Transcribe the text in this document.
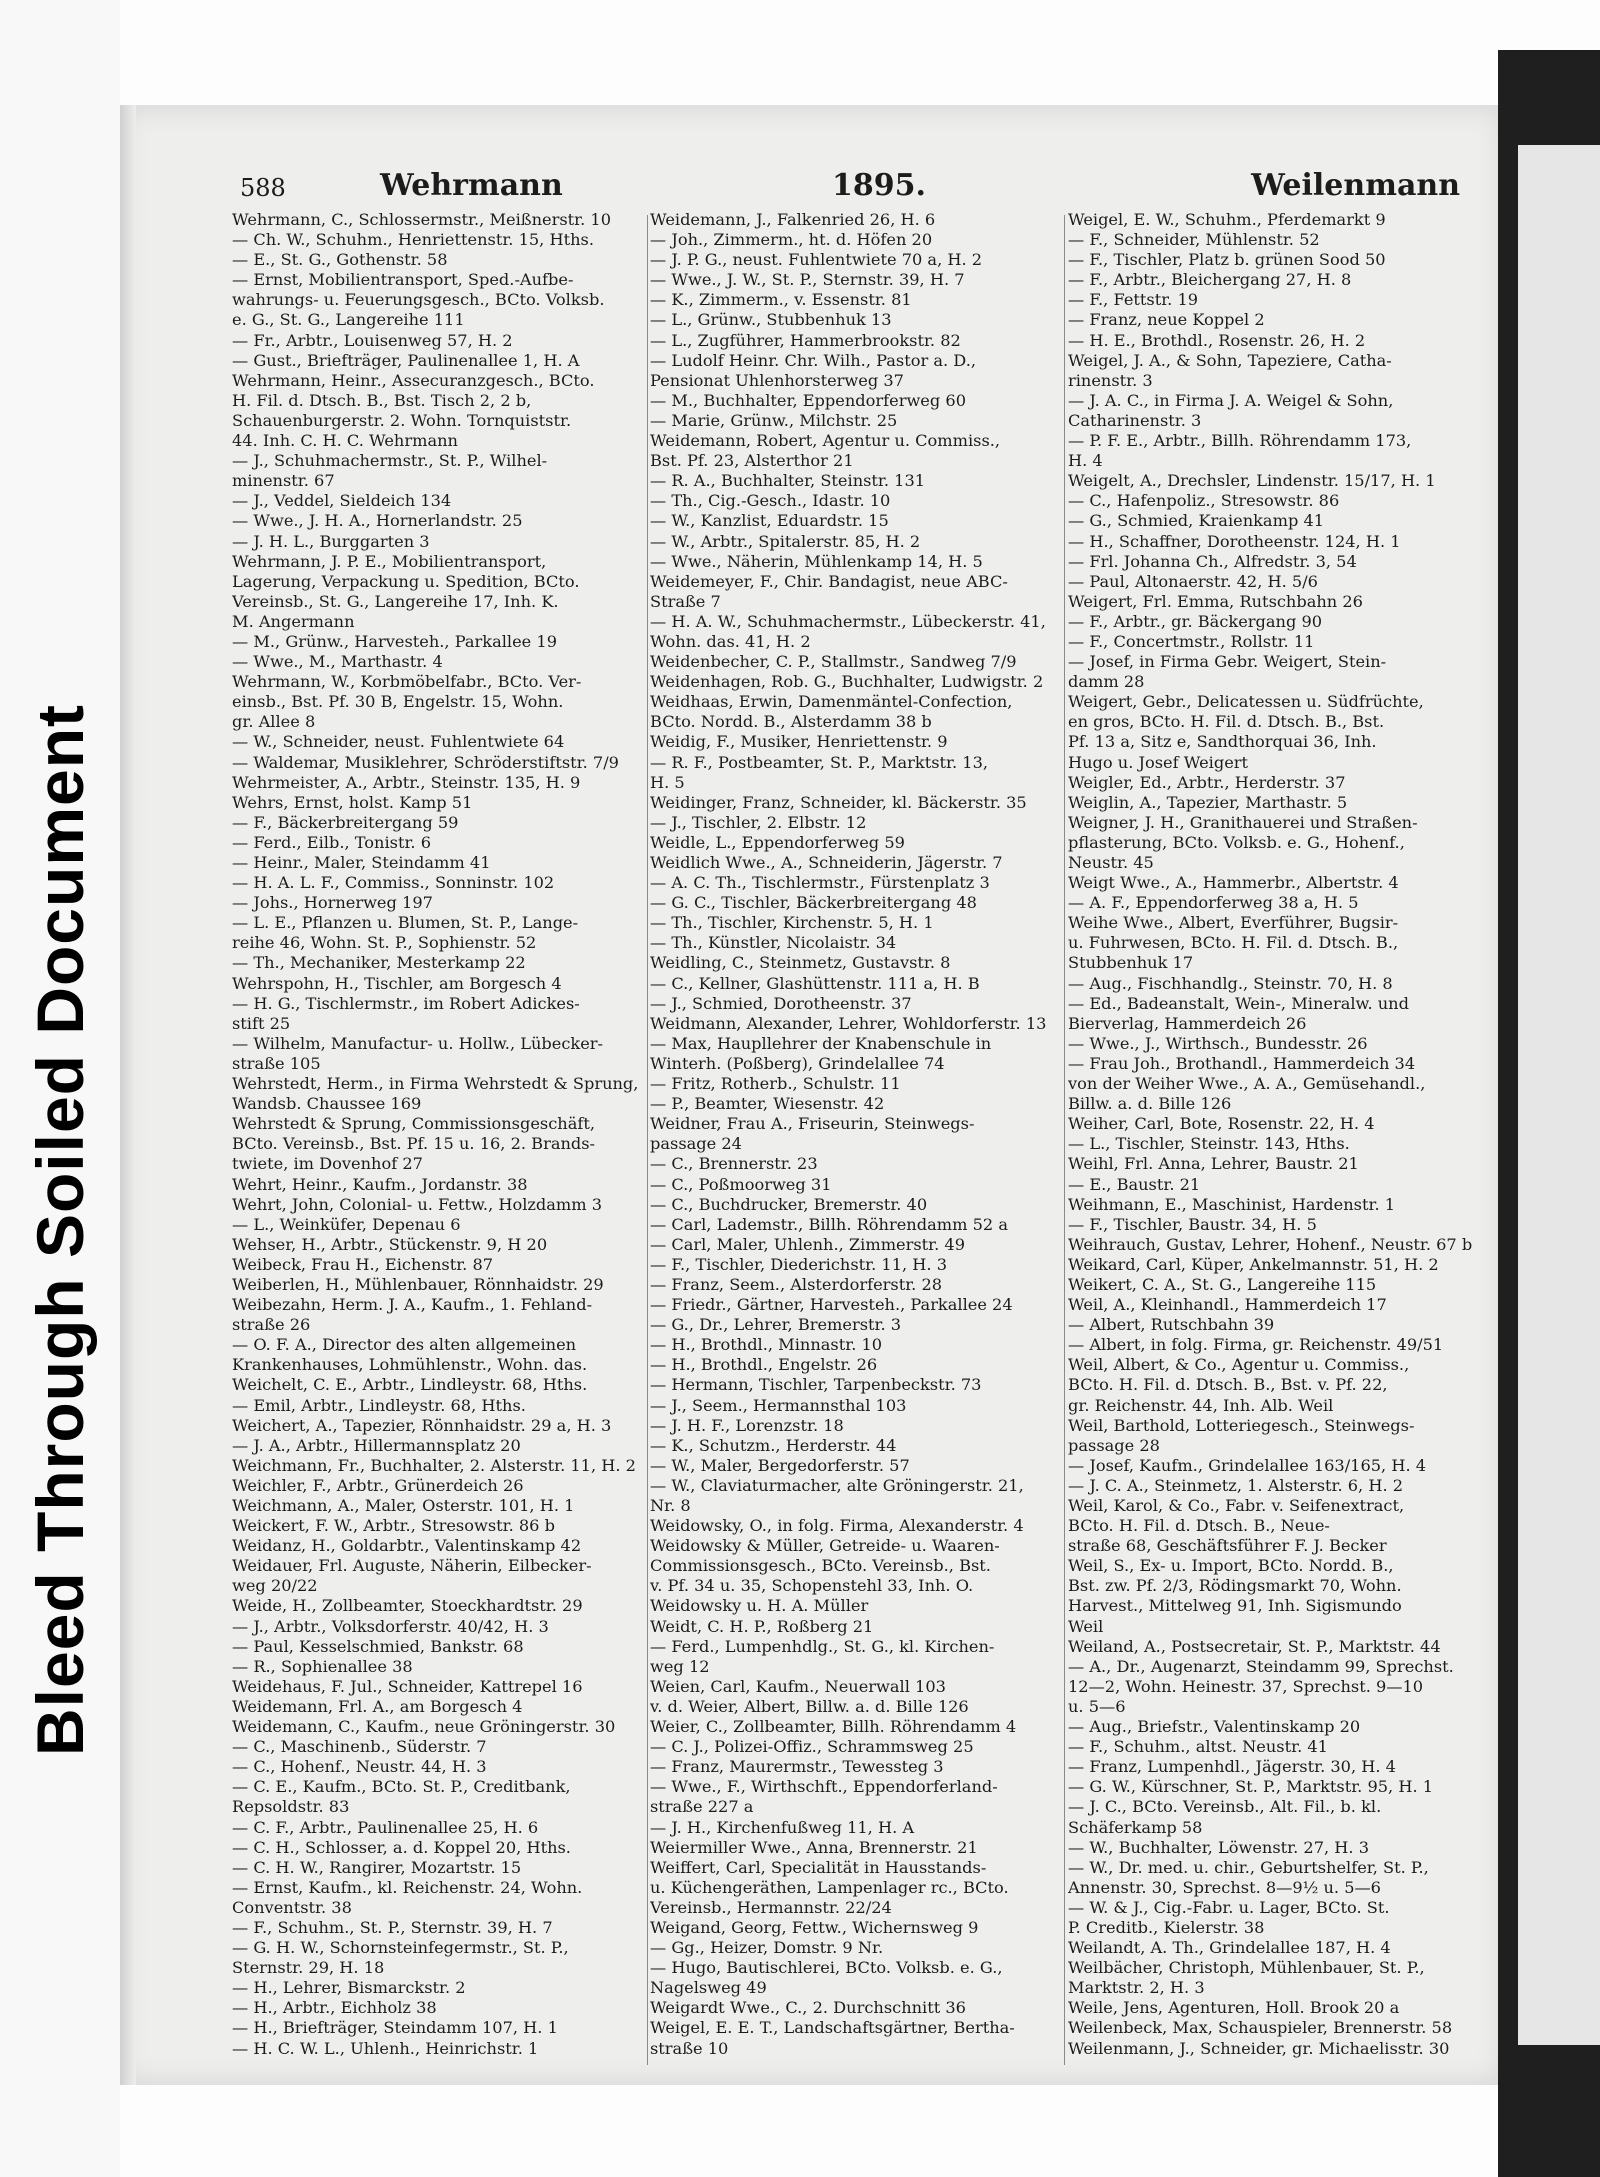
Bleed Through Soiled Document
588	Wehrmann	1895.	Weilenmann
Wehrmann, C., Schlossermstr., Meißnerstr. 10
— Ch. W., Schuhm., Henriettenstr. 15, Hths.
— E., St. G., Gothenstr. 58
— Ernst, Mobilientransport, Sped.-Aufbe-
wahrungs- u. Feuerungsgesch., BCto. Volksb.
e. G., St. G., Langereihe 111
— Fr., Arbtr., Louisenweg 57, H. 2
— Gust., Briefträger, Paulinenallee 1, H. A
Wehrmann, Heinr., Assecuranzgesch., BCto.
H. Fil. d. Dtsch. B., Bst. Tisch 2, 2 b,
Schauenburgerstr. 2. Wohn. Tornquiststr.
44. Inh. C. H. C. Wehrmann
— J., Schuhmachermstr., St. P., Wilhel-
minenstr. 67
— J., Veddel, Sieldeich 134
— Wwe., J. H. A., Hornerlandstr. 25
— J. H. L., Burggarten 3
Wehrmann, J. P. E., Mobilientransport,
Lagerung, Verpackung u. Spedition, BCto.
Vereinsb., St. G., Langereihe 17, Inh. K.
M. Angermann
— M., Grünw., Harvesteh., Parkallee 19
— Wwe., M., Marthastr. 4
Wehrmann, W., Korbmöbelfabr., BCto. Ver-
einsb., Bst. Pf. 30 B, Engelstr. 15, Wohn.
gr. Allee 8
— W., Schneider, neust. Fuhlentwiete 64
— Waldemar, Musiklehrer, Schröderstiftstr. 7/9
Wehrmeister, A., Arbtr., Steinstr. 135, H. 9
Wehrs, Ernst, holst. Kamp 51
— F., Bäckerbreitergang 59
— Ferd., Eilb., Tonistr. 6
— Heinr., Maler, Steindamm 41
— H. A. L. F., Commiss., Sonninstr. 102
— Johs., Hornerweg 197
— L. E., Pflanzen u. Blumen, St. P., Lange-
reihe 46, Wohn. St. P., Sophienstr. 52
— Th., Mechaniker, Mesterkamp 22
Wehrspohn, H., Tischler, am Borgesch 4
— H. G., Tischlermstr., im Robert Adickes-
stift 25
— Wilhelm, Manufactur- u. Hollw., Lübecker-
straße 105
Wehrstedt, Herm., in Firma Wehrstedt & Sprung,
Wandsb. Chaussee 169
Wehrstedt & Sprung, Commissionsgeschäft,
BCto. Vereinsb., Bst. Pf. 15 u. 16, 2. Brands-
twiete, im Dovenhof 27
Wehrt, Heinr., Kaufm., Jordanstr. 38
Wehrt, John, Colonial- u. Fettw., Holzdamm 3
— L., Weinküfer, Depenau 6
Wehser, H., Arbtr., Stückenstr. 9, H 20
Weibeck, Frau H., Eichenstr. 87
Weiberlen, H., Mühlenbauer, Rönnhaidstr. 29
Weibezahn, Herm. J. A., Kaufm., 1. Fehland-
straße 26
— O. F. A., Director des alten allgemeinen
Krankenhauses, Lohmühlenstr., Wohn. das.
Weichelt, C. E., Arbtr., Lindleystr. 68, Hths.
— Emil, Arbtr., Lindleystr. 68, Hths.
Weichert, A., Tapezier, Rönnhaidstr. 29 a, H. 3
— J. A., Arbtr., Hillermannsplatz 20
Weichmann, Fr., Buchhalter, 2. Alsterstr. 11, H. 2
Weichler, F., Arbtr., Grünerdeich 26
Weichmann, A., Maler, Osterstr. 101, H. 1
Weickert, F. W., Arbtr., Stresowstr. 86 b
Weidanz, H., Goldarbtr., Valentinskamp 42
Weidauer, Frl. Auguste, Näherin, Eilbecker-
weg 20/22
Weide, H., Zollbeamter, Stoeckhardtstr. 29
— J., Arbtr., Volksdorferstr. 40/42, H. 3
— Paul, Kesselschmied, Bankstr. 68
— R., Sophienallee 38
Weidehaus, F. Jul., Schneider, Kattrepel 16
Weidemann, Frl. A., am Borgesch 4
Weidemann, C., Kaufm., neue Gröningerstr. 30
— C., Maschinenb., Süderstr. 7
— C., Hohenf., Neustr. 44, H. 3
— C. E., Kaufm., BCto. St. P., Creditbank,
Repsoldstr. 83
— C. F., Arbtr., Paulinenallee 25, H. 6
— C. H., Schlosser, a. d. Koppel 20, Hths.
— C. H. W., Rangirer, Mozartstr. 15
— Ernst, Kaufm., kl. Reichenstr. 24, Wohn.
Conventstr. 38
— F., Schuhm., St. P., Sternstr. 39, H. 7
— G. H. W., Schornsteinfegermstr., St. P.,
Sternstr. 29, H. 18
— H., Lehrer, Bismarckstr. 2
— H., Arbtr., Eichholz 38
— H., Briefträger, Steindamm 107, H. 1
— H. C. W. L., Uhlenh., Heinrichstr. 1
Weidemann, J., Falkenried 26, H. 6
— Joh., Zimmerm., ht. d. Höfen 20
— J. P. G., neust. Fuhlentwiete 70 a, H. 2
— Wwe., J. W., St. P., Sternstr. 39, H. 7
— K., Zimmerm., v. Essenstr. 81
— L., Grünw., Stubbenhuk 13
— L., Zugführer, Hammerbrookstr. 82
— Ludolf Heinr. Chr. Wilh., Pastor a. D.,
Pensionat Uhlenhorsterweg 37
— M., Buchhalter, Eppendorferweg 60
— Marie, Grünw., Milchstr. 25
Weidemann, Robert, Agentur u. Commiss.,
Bst. Pf. 23, Alsterthor 21
— R. A., Buchhalter, Steinstr. 131
— Th., Cig.-Gesch., Idastr. 10
— W., Kanzlist, Eduardstr. 15
— W., Arbtr., Spitalerstr. 85, H. 2
— Wwe., Näherin, Mühlenkamp 14, H. 5
Weidemeyer, F., Chir. Bandagist, neue ABC-
Straße 7
— H. A. W., Schuhmachermstr., Lübeckerstr. 41,
Wohn. das. 41, H. 2
Weidenbecher, C. P., Stallmstr., Sandweg 7/9
Weidenhagen, Rob. G., Buchhalter, Ludwigstr. 2
Weidhaas, Erwin, Damenmäntel-Confection,
BCto. Nordd. B., Alsterdamm 38 b
Weidig, F., Musiker, Henriettenstr. 9
— R. F., Postbeamter, St. P., Marktstr. 13,
H. 5
Weidinger, Franz, Schneider, kl. Bäckerstr. 35
— J., Tischler, 2. Elbstr. 12
Weidle, L., Eppendorferweg 59
Weidlich Wwe., A., Schneiderin, Jägerstr. 7
— A. C. Th., Tischlermstr., Fürstenplatz 3
— G. C., Tischler, Bäckerbreitergang 48
— Th., Tischler, Kirchenstr. 5, H. 1
— Th., Künstler, Nicolaistr. 34
Weidling, C., Steinmetz, Gustavstr. 8
— C., Kellner, Glashüttenstr. 111 a, H. B
— J., Schmied, Dorotheenstr. 37
Weidmann, Alexander, Lehrer, Wohldorferstr. 13
— Max, Haupllehrer der Knabenschule in
Winterh. (Poßberg), Grindelallee 74
— Fritz, Rotherb., Schulstr. 11
— P., Beamter, Wiesenstr. 42
Weidner, Frau A., Friseurin, Steinwegs-
passage 24
— C., Brennerstr. 23
— C., Poßmoorweg 31
— C., Buchdrucker, Bremerstr. 40
— Carl, Lademstr., Billh. Röhrendamm 52 a
— Carl, Maler, Uhlenh., Zimmerstr. 49
— F., Tischler, Diederichstr. 11, H. 3
— Franz, Seem., Alsterdorferstr. 28
— Friedr., Gärtner, Harvesteh., Parkallee 24
— G., Dr., Lehrer, Bremerstr. 3
— H., Brothdl., Minnastr. 10
— H., Brothdl., Engelstr. 26
— Hermann, Tischler, Tarpenbeckstr. 73
— J., Seem., Hermannsthal 103
— J. H. F., Lorenzstr. 18
— K., Schutzm., Herderstr. 44
— W., Maler, Bergedorferstr. 57
— W., Claviaturmacher, alte Gröningerstr. 21,
Nr. 8
Weidowsky, O., in folg. Firma, Alexanderstr. 4
Weidowsky & Müller, Getreide- u. Waaren-
Commissionsgesch., BCto. Vereinsb., Bst.
v. Pf. 34 u. 35, Schopenstehl 33, Inh. O.
Weidowsky u. H. A. Müller
Weidt, C. H. P., Roßberg 21
— Ferd., Lumpenhdlg., St. G., kl. Kirchen-
weg 12
Weien, Carl, Kaufm., Neuerwall 103
v. d. Weier, Albert, Billw. a. d. Bille 126
Weier, C., Zollbeamter, Billh. Röhrendamm 4
— C. J., Polizei-Offiz., Schrammsweg 25
— Franz, Maurermstr., Tewessteg 3
— Wwe., F., Wirthschft., Eppendorferland-
straße 227 a
— J. H., Kirchenfußweg 11, H. A
Weiermiller Wwe., Anna, Brennerstr. 21
Weiffert, Carl, Specialität in Hausstands-
u. Küchengeräthen, Lampenlager rc., BCto.
Vereinsb., Hermannstr. 22/24
Weigand, Georg, Fettw., Wichernsweg 9
— Gg., Heizer, Domstr. 9 Nr.
— Hugo, Bautischlerei, BCto. Volksb. e. G.,
Nagelsweg 49
Weigardt Wwe., C., 2. Durchschnitt 36
Weigel, E. E. T., Landschaftsgärtner, Bertha-
straße 10
Weigel, E. W., Schuhm., Pferdemarkt 9
— F., Schneider, Mühlenstr. 52
— F., Tischler, Platz b. grünen Sood 50
— F., Arbtr., Bleichergang 27, H. 8
— F., Fettstr. 19
— Franz, neue Koppel 2
— H. E., Brothdl., Rosenstr. 26, H. 2
Weigel, J. A., & Sohn, Tapeziere, Catha-
rinenstr. 3
— J. A. C., in Firma J. A. Weigel & Sohn,
Catharinenstr. 3
— P. F. E., Arbtr., Billh. Röhrendamm 173,
H. 4
Weigelt, A., Drechsler, Lindenstr. 15/17, H. 1
— C., Hafenpoliz., Stresowstr. 86
— G., Schmied, Kraienkamp 41
— H., Schaffner, Dorotheenstr. 124, H. 1
— Frl. Johanna Ch., Alfredstr. 3, 54
— Paul, Altonaerstr. 42, H. 5/6
Weigert, Frl. Emma, Rutschbahn 26
— F., Arbtr., gr. Bäckergang 90
— F., Concertmstr., Rollstr. 11
— Josef, in Firma Gebr. Weigert, Stein-
damm 28
Weigert, Gebr., Delicatessen u. Südfrüchte,
en gros, BCto. H. Fil. d. Dtsch. B., Bst.
Pf. 13 a, Sitz e, Sandthorquai 36, Inh.
Hugo u. Josef Weigert
Weigler, Ed., Arbtr., Herderstr. 37
Weiglin, A., Tapezier, Marthastr. 5
Weigner, J. H., Granithauerei und Straßen-
pflasterung, BCto. Volksb. e. G., Hohenf.,
Neustr. 45
Weigt Wwe., A., Hammerbr., Albertstr. 4
— A. F., Eppendorferweg 38 a, H. 5
Weihe Wwe., Albert, Everführer, Bugsir-
u. Fuhrwesen, BCto. H. Fil. d. Dtsch. B.,
Stubbenhuk 17
— Aug., Fischhandlg., Steinstr. 70, H. 8
— Ed., Badeanstalt, Wein-, Mineralw. und
Bierverlag, Hammerdeich 26
— Wwe., J., Wirthsch., Bundesstr. 26
— Frau Joh., Brothandl., Hammerdeich 34
von der Weiher Wwe., A. A., Gemüsehandl.,
Billw. a. d. Bille 126
Weiher, Carl, Bote, Rosenstr. 22, H. 4
— L., Tischler, Steinstr. 143, Hths.
Weihl, Frl. Anna, Lehrer, Baustr. 21
— E., Baustr. 21
Weihmann, E., Maschinist, Hardenstr. 1
— F., Tischler, Baustr. 34, H. 5
Weihrauch, Gustav, Lehrer, Hohenf., Neustr. 67 b
Weikard, Carl, Küper, Ankelmannstr. 51, H. 2
Weikert, C. A., St. G., Langereihe 115
Weil, A., Kleinhandl., Hammerdeich 17
— Albert, Rutschbahn 39
— Albert, in folg. Firma, gr. Reichenstr. 49/51
Weil, Albert, & Co., Agentur u. Commiss.,
BCto. H. Fil. d. Dtsch. B., Bst. v. Pf. 22,
gr. Reichenstr. 44, Inh. Alb. Weil
Weil, Barthold, Lotteriegesch., Steinwegs-
passage 28
— Josef, Kaufm., Grindelallee 163/165, H. 4
— J. C. A., Steinmetz, 1. Alsterstr. 6, H. 2
Weil, Karol, & Co., Fabr. v. Seifenextract,
BCto. H. Fil. d. Dtsch. B., Neue-
straße 68, Geschäftsführer F. J. Becker
Weil, S., Ex- u. Import, BCto. Nordd. B.,
Bst. zw. Pf. 2/3, Rödingsmarkt 70, Wohn.
Harvest., Mittelweg 91, Inh. Sigismundo
Weil
Weiland, A., Postsecretair, St. P., Marktstr. 44
— A., Dr., Augenarzt, Steindamm 99, Sprechst.
12—2, Wohn. Heinestr. 37, Sprechst. 9—10
u. 5—6
— Aug., Briefstr., Valentinskamp 20
— F., Schuhm., altst. Neustr. 41
— Franz, Lumpenhdl., Jägerstr. 30, H. 4
— G. W., Kürschner, St. P., Marktstr. 95, H. 1
— J. C., BCto. Vereinsb., Alt. Fil., b. kl.
Schäferkamp 58
— W., Buchhalter, Löwenstr. 27, H. 3
— W., Dr. med. u. chir., Geburtshelfer, St. P.,
Annenstr. 30, Sprechst. 8—9½ u. 5—6
— W. & J., Cig.-Fabr. u. Lager, BCto. St.
P. Creditb., Kielerstr. 38
Weilandt, A. Th., Grindelallee 187, H. 4
Weilbächer, Christoph, Mühlenbauer, St. P.,
Marktstr. 2, H. 3
Weile, Jens, Agenturen, Holl. Brook 20 a
Weilenbeck, Max, Schauspieler, Brennerstr. 58
Weilenmann, J., Schneider, gr. Michaelisstr. 30
